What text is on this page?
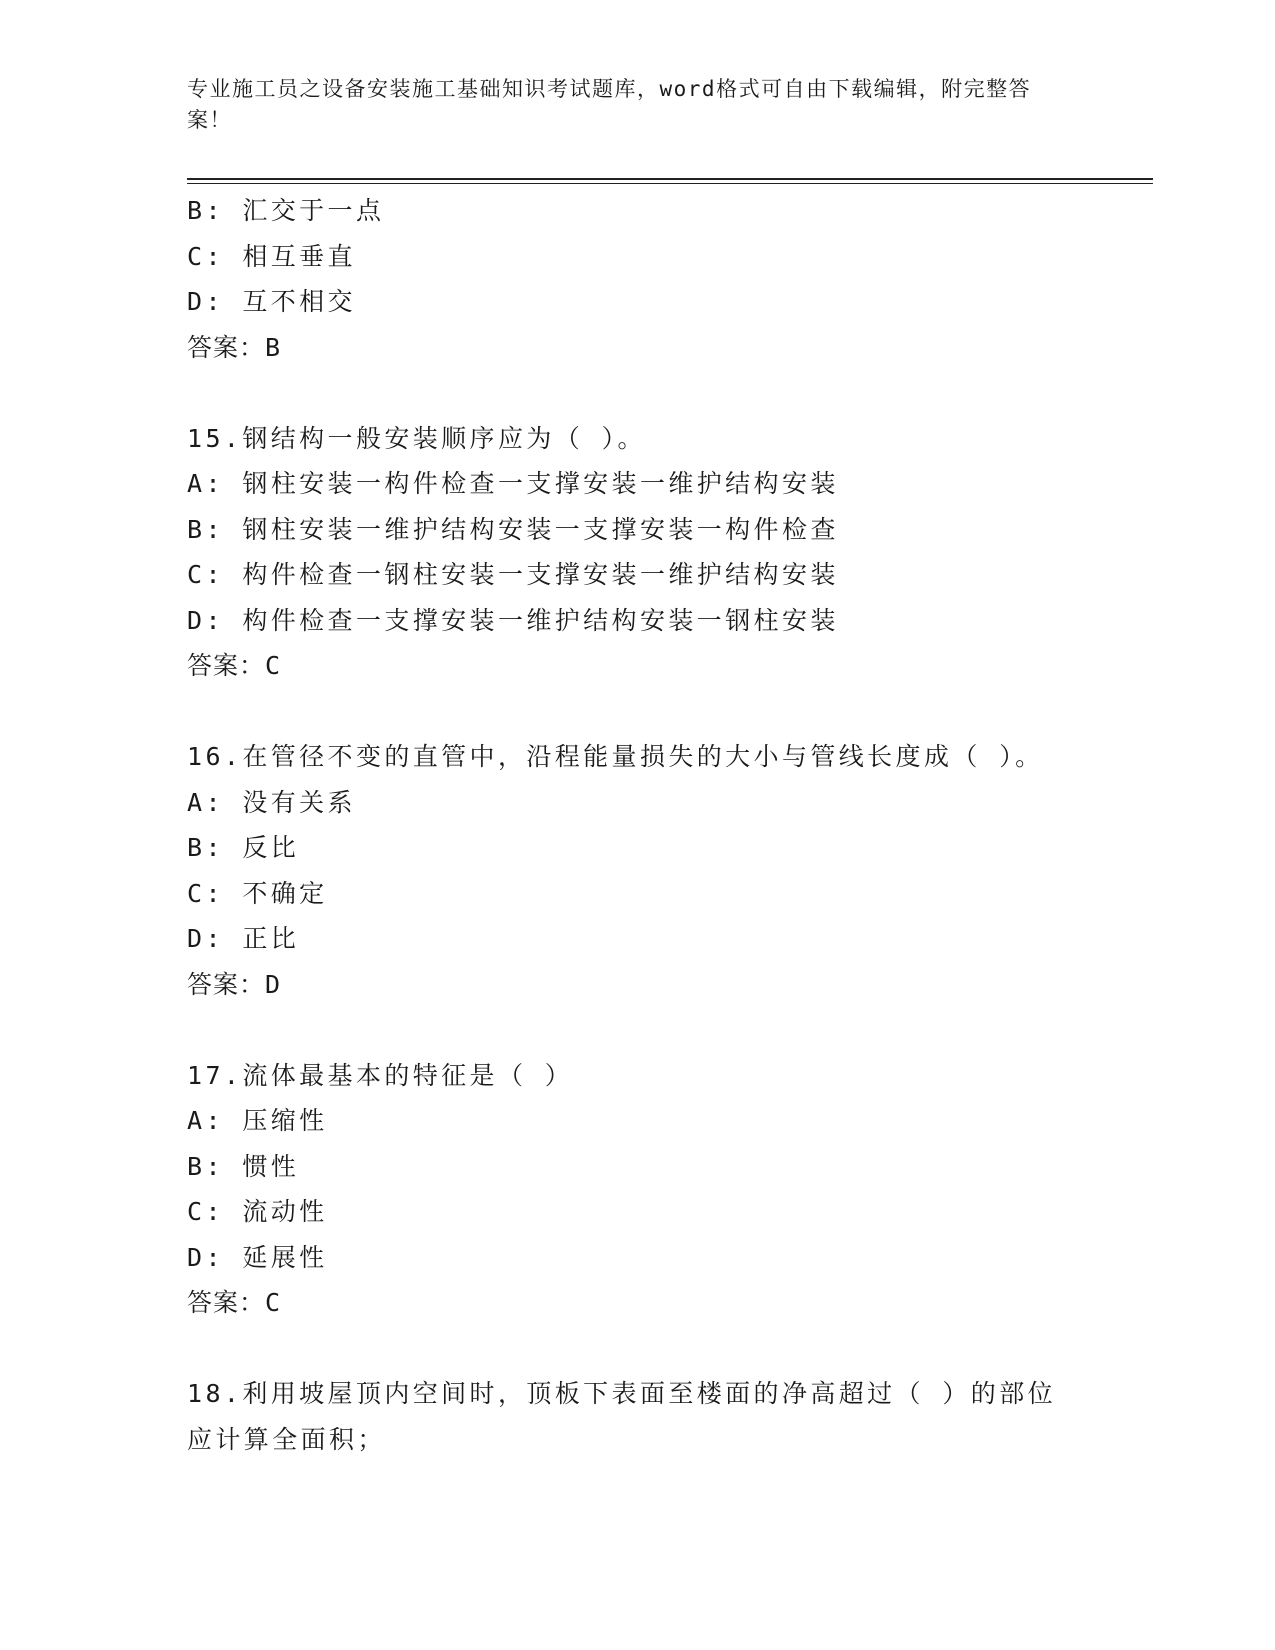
专业施工员之设备安装施工基础知识考试题库，word格式可自由下载编辑，附完整答案！
B: 汇交于一点
C: 相互垂直
D: 互不相交
答案：B
15.钢结构一般安装顺序应为（ ）。
A: 钢柱安装一构件检查一支撑安装一维护结构安装
B: 钢柱安装一维护结构安装一支撑安装一构件检查
C: 构件检查一钢柱安装一支撑安装一维护结构安装
D: 构件检查一支撑安装一维护结构安装一钢柱安装
答案：C
16.在管径不变的直管中，沿程能量损失的大小与管线长度成（ ）。
A: 没有关系
B: 反比
C: 不确定
D: 正比
答案：D
17.流体最基本的特征是（ ）
A: 压缩性
B: 惯性
C: 流动性
D: 延展性
答案：C
18.利用坡屋顶内空间时，顶板下表面至楼面的净高超过（ ）的部位应计算全面积；
